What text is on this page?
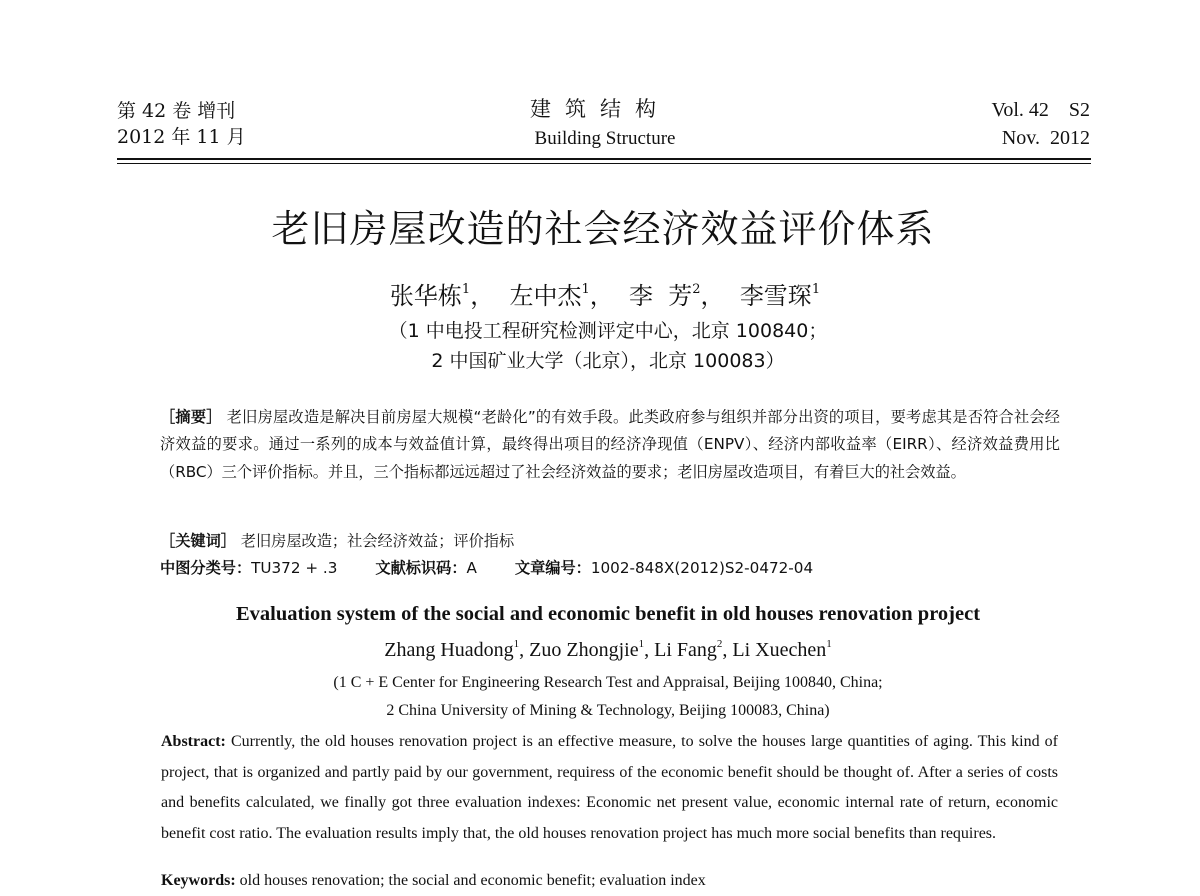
第 42 卷 增刊
2012 年 11 月
建筑结构
Building Structure
Vol. 42    S2
Nov.  2012
老旧房屋改造的社会经济效益评价体系
张华栋$^1$，  左中杰$^1$，  李  芳$^2$，  李雪琛$^1$
（1 中电投工程研究检测评定中心，北京 100840；
2 中国矿业大学（北京），北京 100083）
［摘要］ 老旧房屋改造是解决目前房屋大规模“老龄化”的有效手段。此类政府参与组织并部分出资的项目，要考虑其是否符合社会经济效益的要求。通过一系列的成本与效益值计算，最终得出项目的经济净现值（ENPV）、经济内部收益率（EIRR）、经济效益费用比（RBC）三个评价指标。并且，三个指标都远远超过了社会经济效益的要求；老旧房屋改造项目，有着巨大的社会效益。
［关键词］ 老旧房屋改造；社会经济效益；评价指标
中图分类号：TU372 + .3	文献标识码：A	文章编号：1002-848X(2012)S2-0472-04
Evaluation system of the social and economic benefit in old houses renovation project
Zhang Huadong$^1$, Zuo Zhongjie$^1$, Li Fang$^2$, Li Xuechen$^1$
(1 C + E Center for Engineering Research Test and Appraisal, Beijing 100840, China;
2 China University of Mining & Technology, Beijing 100083, China)
Abstract: Currently, the old houses renovation project is an effective measure, to solve the houses large quantities of aging. This kind of project, that is organized and partly paid by our government, requiress of the economic benefit should be thought of. After a series of costs and benefits calculated, we finally got three evaluation indexes: Economic net present value, economic internal rate of return, economic benefit cost ratio. The evaluation results imply that, the old houses renovation project has much more social benefits than requires.
Keywords: old houses renovation; the social and economic benefit; evaluation index
